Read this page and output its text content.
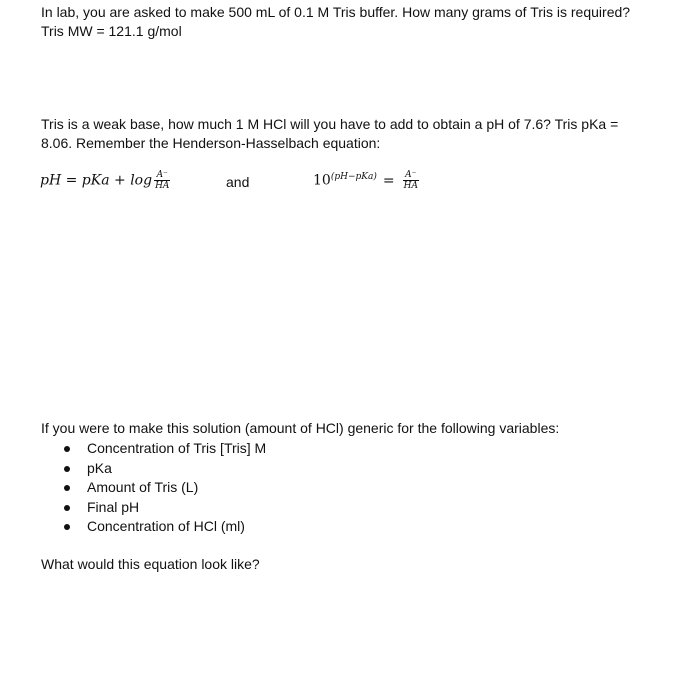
In lab, you are asked to make 500 mL of 0.1 M Tris buffer. How many grams of Tris is required?
Tris MW = 121.1 g/mol
Tris is a weak base, how much 1 M HCl will you have to add to obtain a pH of 7.6? Tris pKa =
8.06. Remember the Henderson-Hasselbach equation:
pH = pKa + $\log \frac{A^-}{HA}$	and	$10^{(pH-pKa)} = \frac{A^-}{HA}$
If you were to make this solution (amount of HCl) generic for the following variables:
Concentration of Tris [Tris] M
pKa
Amount of Tris (L)
Final pH
Concentration of HCl (ml)
What would this equation look like?
